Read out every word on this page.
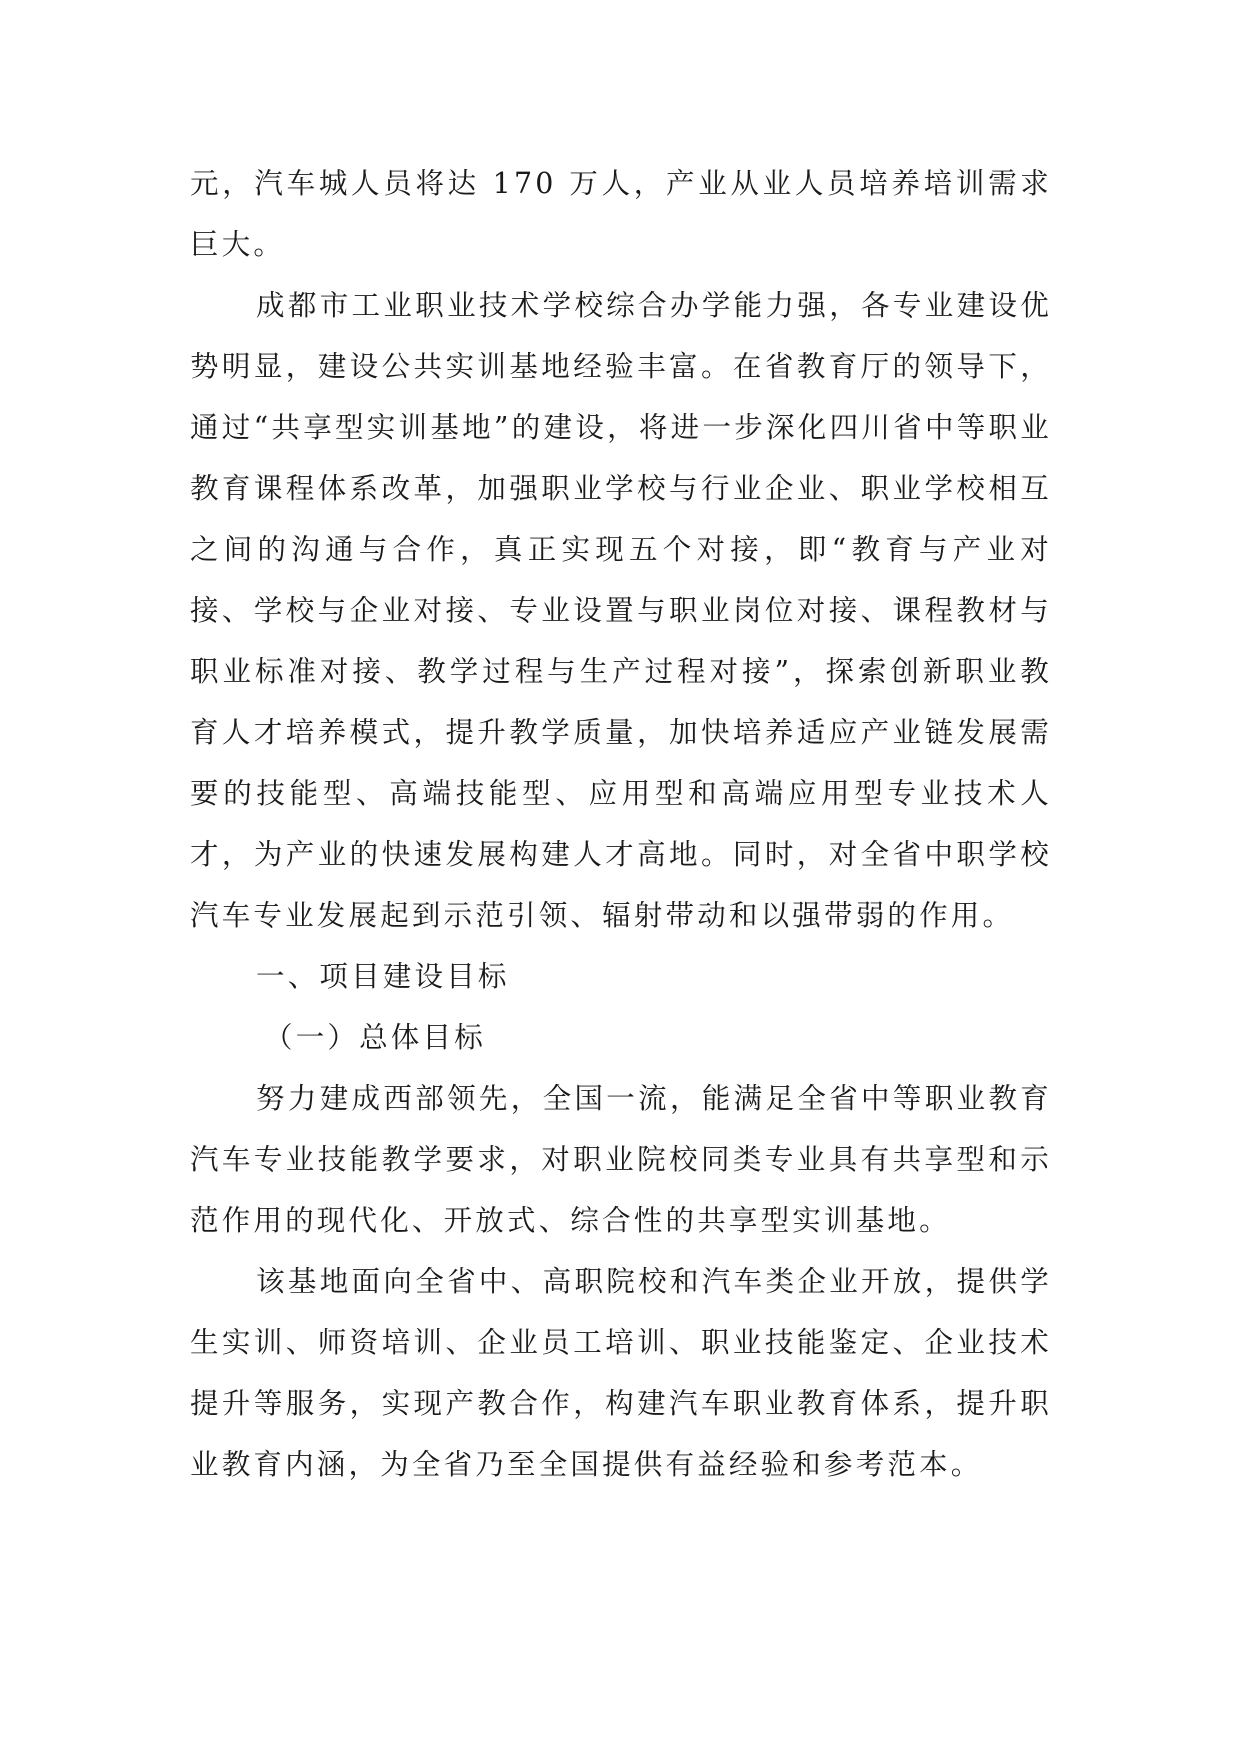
元，汽车城人员将达 170 万人，产业从业人员培养培训需求巨大。

成都市工业职业技术学校综合办学能力强，各专业建设优势明显，建设公共实训基地经验丰富。在省教育厅的领导下，通过“共享型实训基地”的建设，将进一步深化四川省中等职业教育课程体系改革，加强职业学校与行业企业、职业学校相互之间的沟通与合作，真正实现五个对接，即“教育与产业对接、学校与企业对接、专业设置与职业岗位对接、课程教材与职业标准对接、教学过程与生产过程对接”，探索创新职业教育人才培养模式，提升教学质量，加快培养适应产业链发展需要的技能型、高端技能型、应用型和高端应用型专业技术人才，为产业的快速发展构建人才高地。同时，对全省中职学校汽车专业发展起到示范引领、辐射带动和以强带弱的作用。

一、项目建设目标

（一）总体目标

努力建成西部领先，全国一流，能满足全省中等职业教育汽车专业技能教学要求，对职业院校同类专业具有共享型和示范作用的现代化、开放式、综合性的共享型实训基地。

该基地面向全省中、高职院校和汽车类企业开放，提供学生实训、师资培训、企业员工培训、职业技能鉴定、企业技术提升等服务，实现产教合作，构建汽车职业教育体系，提升职业教育内涵，为全省乃至全国提供有益经验和参考范本。
